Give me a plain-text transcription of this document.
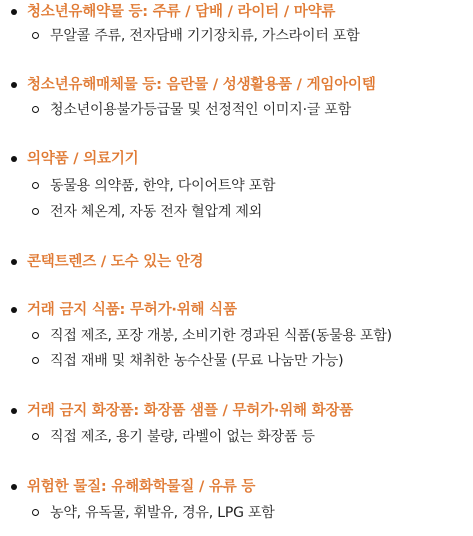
청소년유해약물 등: 주류 / 담배 / 라이터 / 마약류
무알콜 주류, 전자담배 기기장치류, 가스라이터 포함
청소년유해매체물 등: 음란물 / 성생활용품 / 게임아이템
청소년이용불가등급물 및 선정적인 이미지·글 포함
의약품 / 의료기기
동물용 의약품, 한약, 다이어트약 포함
전자 체온계, 자동 전자 혈압계 제외
콘택트렌즈 / 도수 있는 안경
거래 금지 식품: 무허가·위해 식품
직접 제조, 포장 개봉, 소비기한 경과된 식품(동물용 포함)
직접 재배 및 채취한 농수산물 (무료 나눔만 가능)
거래 금지 화장품: 화장품 샘플 / 무허가·위해 화장품
직접 제조, 용기 불량, 라벨이 없는 화장품 등
위험한 물질: 유해화학물질 / 유류 등
농약, 유독물, 휘발유, 경유, LPG 포함
